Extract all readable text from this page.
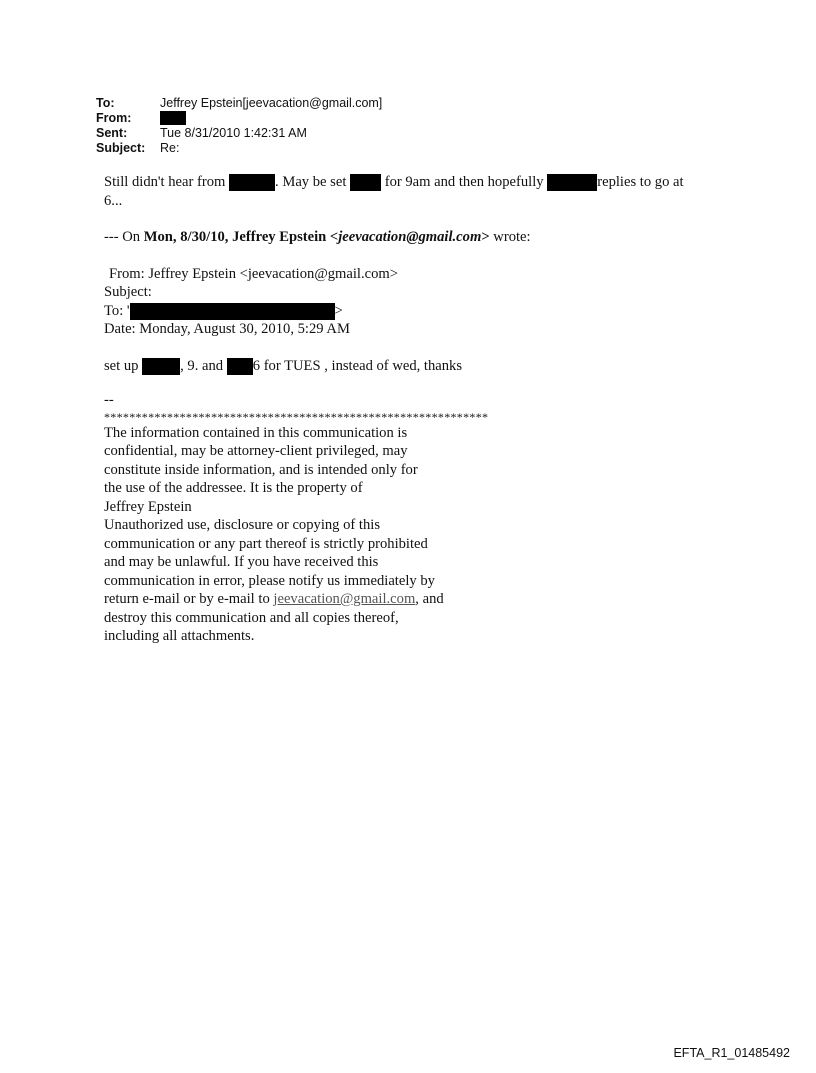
To:	Jeffrey Epstein[jeevacation@gmail.com]
From:
Sent:	Tue 8/31/2010 1:42:31 AM
Subject:	Re:

Still didn't hear from	. May be set	for 9am and then hopefully	replies to go at
6...

--- On Mon, 8/30/10, Jeffrey Epstein <jeevacation@gmail.com> wrote:

From: Jeffrey Epstein <jeevacation@gmail.com>
Subject:
To: '	>
Date: Monday, August 30, 2010, 5:29 AM

set up	, 9. and 6 for TUES , instead of wed, thanks

--
*************************************************************
The information contained in this communication is
confidential, may be attorney-client privileged, may
constitute inside information, and is intended only for
the use of the addressee. It is the property of
Jeffrey Epstein
Unauthorized use, disclosure or copying of this
communication or any part thereof is strictly prohibited
and may be unlawful. If you have received this
communication in error, please notify us immediately by
return e-mail or by e-mail to jeevacation@gmail.com, and
destroy this communication and all copies thereof,
including all attachments.
EFTA_R1_01485492
